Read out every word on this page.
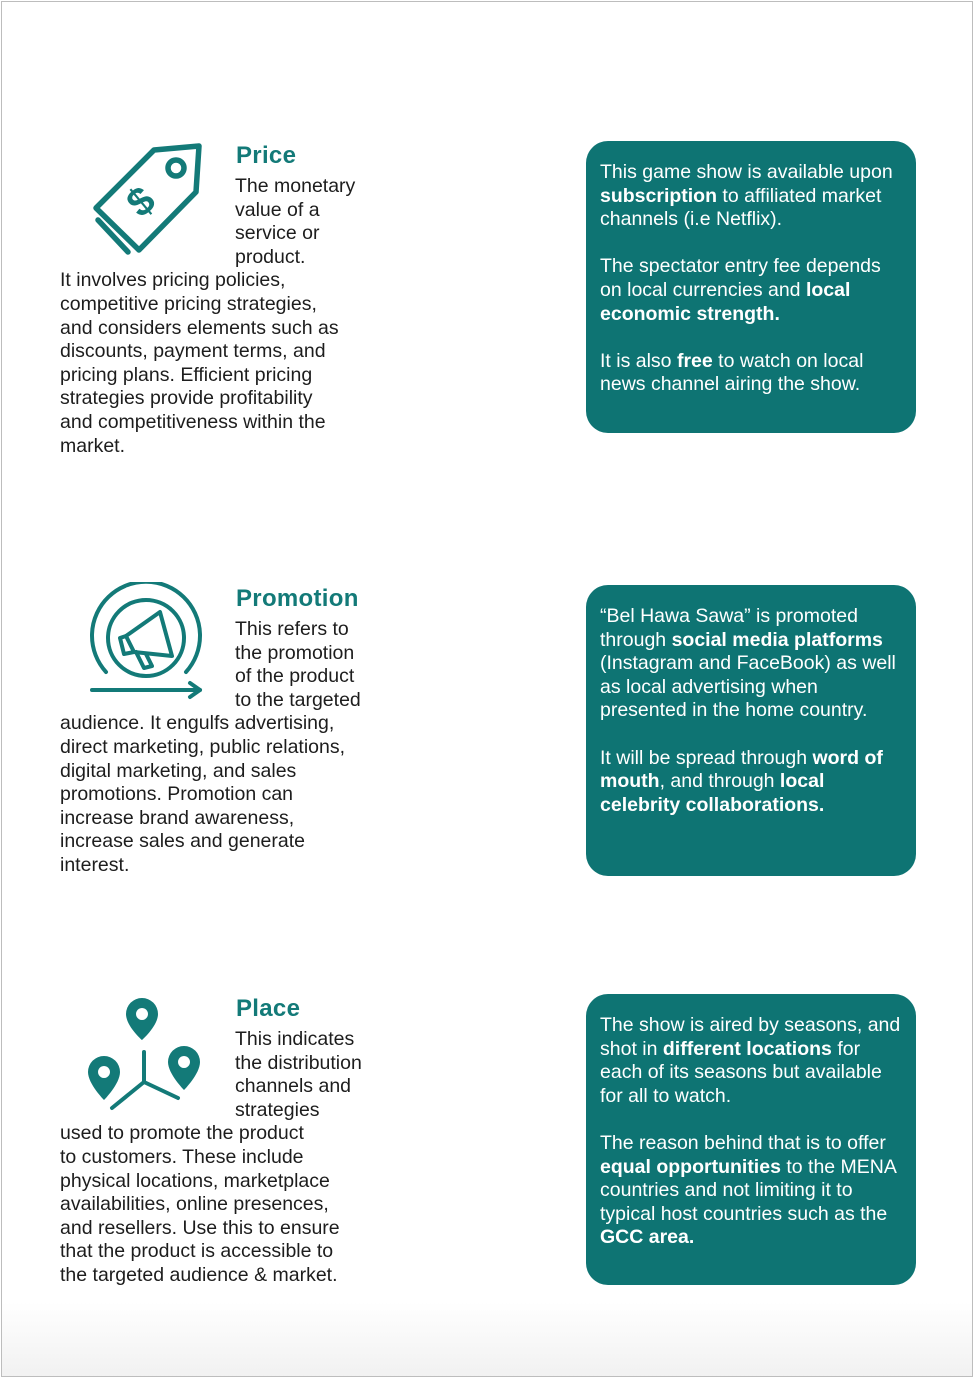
$
Price
The monetary
value of a
service or
product.
It involves pricing policies,
competitive pricing strategies,
and considers elements such as
discounts, payment terms, and
pricing plans. Efficient pricing
strategies provide profitability
and competitiveness within the
market.

This game show is available upon subscription to affiliated market channels (i.e Netflix).

The spectator entry fee depends on local currencies and local economic strength.

It is also free to watch on local news channel airing the show.

Promotion
This refers to
the promotion
of the product
to the targeted
audience. It engulfs advertising,
direct marketing, public relations,
digital marketing, and sales
promotions. Promotion can
increase brand awareness,
increase sales and generate
interest.

“Bel Hawa Sawa” is promoted through social media platforms (Instagram and FaceBook) as well as local advertising when presented in the home country.

It will be spread through word of mouth, and through local celebrity collaborations.

Place
This indicates
the distribution
channels and
strategies
used to promote the product
to customers. These include
physical locations, marketplace
availabilities, online presences,
and resellers. Use this to ensure
that the product is accessible to
the targeted audience & market.

The show is aired by seasons, and shot in different locations for each of its seasons but available for all to watch.

The reason behind that is to offer equal opportunities to the MENA countries and not limiting it to typical host countries such as the GCC area.
